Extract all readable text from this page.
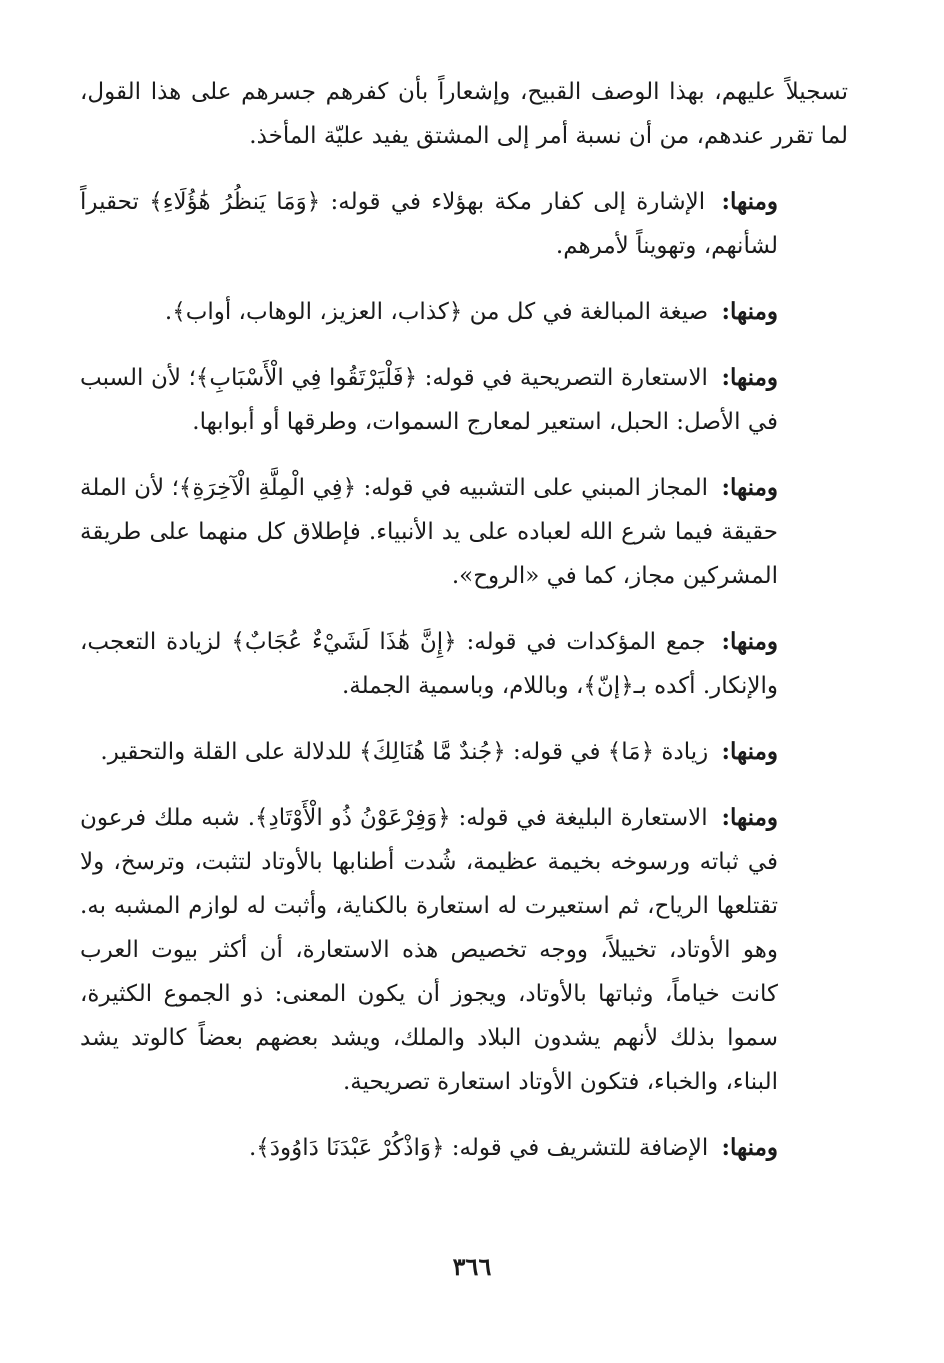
تسجيلاً عليهم، بهذا الوصف القبيح، وإشعاراً بأن كفرهم جسرهم على هذا القول، لما تقرر عندهم، من أن نسبة أمر إلى المشتق يفيد عليّة المأخذ.

ومنها: الإشارة إلى كفار مكة بهؤلاء في قوله: ﴿وَمَا يَنظُرُ هَٰؤُلَاءِ﴾ تحقيراً لشأنهم، وتهويناً لأمرهم.

ومنها: صيغة المبالغة في كل من ﴿كذاب، العزيز، الوهاب، أواب﴾.

ومنها: الاستعارة التصريحية في قوله: ﴿فَلْيَرْتَقُوا فِي الْأَسْبَابِ﴾؛ لأن السبب في الأصل: الحبل، استعير لمعارج السموات، وطرقها أو أبوابها.

ومنها: المجاز المبني على التشبيه في قوله: ﴿فِي الْمِلَّةِ الْآخِرَةِ﴾؛ لأن الملة حقيقة فيما شرع الله لعباده على يد الأنبياء. فإطلاق كل منهما على طريقة المشركين مجاز، كما في «الروح».

ومنها: جمع المؤكدات في قوله: ﴿إِنَّ هَٰذَا لَشَيْءٌ عُجَابٌ﴾ لزيادة التعجب، والإنكار. أكده بـ﴿إنّ﴾، وباللام، وباسمية الجملة.

ومنها: زيادة ﴿مَا﴾ في قوله: ﴿جُندٌ مَّا هُنَالِكَ﴾ للدلالة على القلة والتحقير.

ومنها: الاستعارة البليغة في قوله: ﴿وَفِرْعَوْنُ ذُو الْأَوْتَادِ﴾. شبه ملك فرعون في ثباته ورسوخه بخيمة عظيمة، شُدت أطنابها بالأوتاد لتثبت، وترسخ، ولا تقتلعها الرياح، ثم استعيرت له استعارة بالكناية، وأثبت له لوازم المشبه به. وهو الأوتاد، تخييلاً، ووجه تخصيص هذه الاستعارة، أن أكثر بيوت العرب كانت خياماً، وثباتها بالأوتاد، ويجوز أن يكون المعنى: ذو الجموع الكثيرة، سموا بذلك لأنهم يشدون البلاد والملك، ويشد بعضهم بعضاً كالوتد يشد البناء، والخباء، فتكون الأوتاد استعارة تصريحية.

ومنها: الإضافة للتشريف في قوله: ﴿وَاذْكُرْ عَبْدَنَا دَاوُودَ﴾.

٣٦٦
